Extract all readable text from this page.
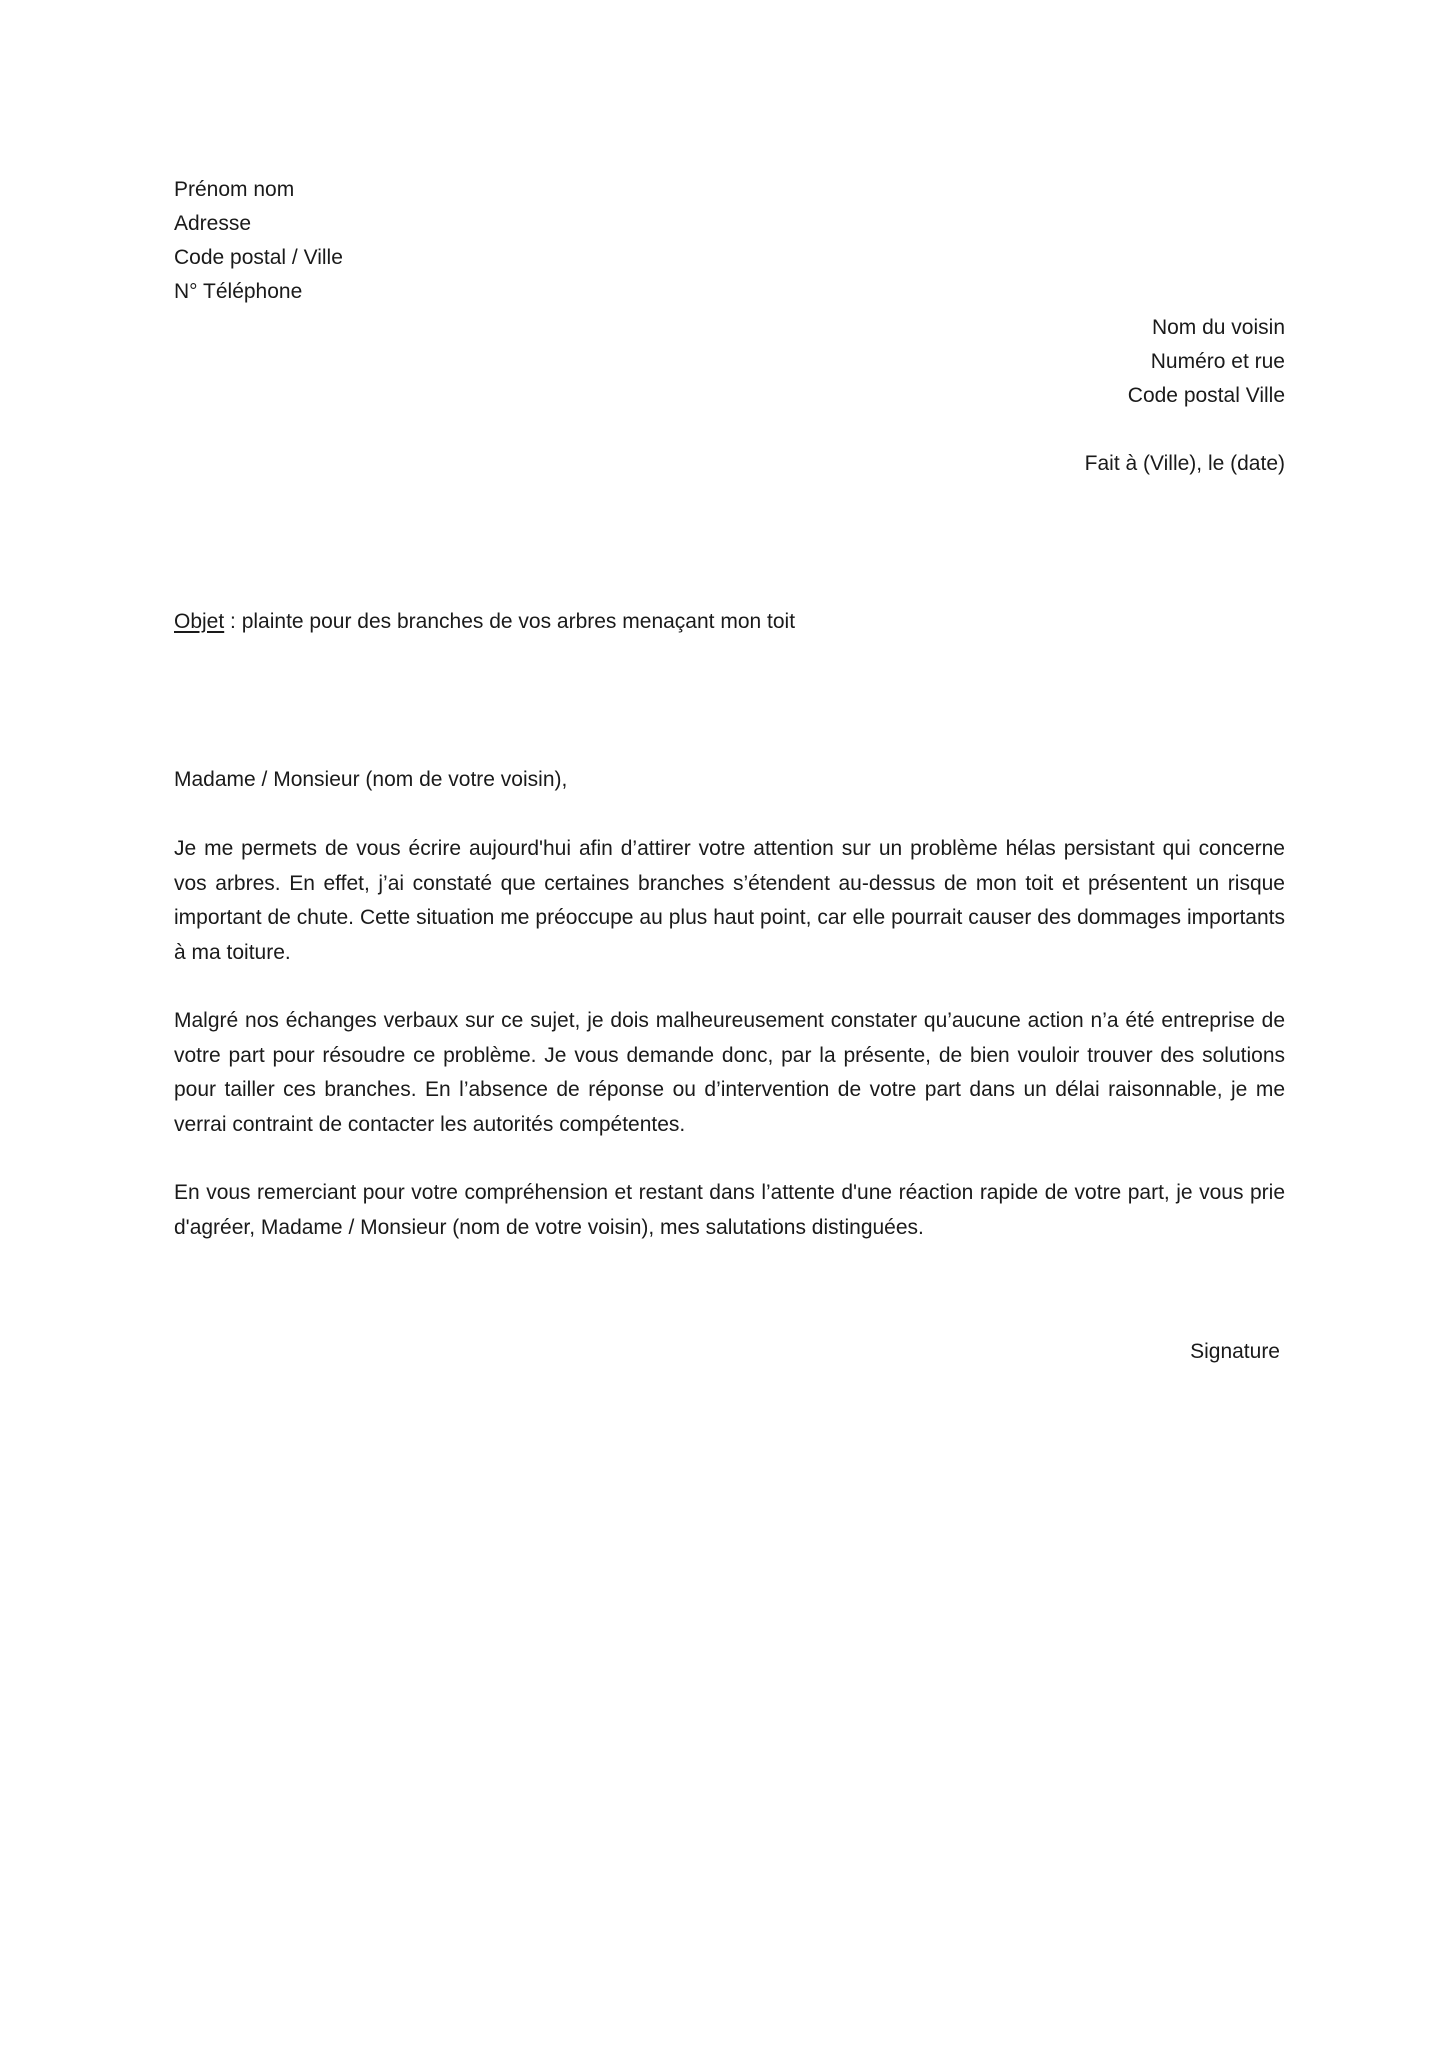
Prénom nom
Adresse
Code postal / Ville
N° Téléphone
Nom du voisin
Numéro et rue
Code postal Ville
Fait à (Ville), le (date)
Objet : plainte pour des branches de vos arbres menaçant mon toit
Madame / Monsieur (nom de votre voisin),

Je me permets de vous écrire aujourd'hui afin d’attirer votre attention sur un problème hélas persistant qui concerne vos arbres. En effet, j’ai constaté que certaines branches s’étendent au-dessus de mon toit et présentent un risque important de chute. Cette situation me préoccupe au plus haut point, car elle pourrait causer des dommages importants à ma toiture.

Malgré nos échanges verbaux sur ce sujet, je dois malheureusement constater qu’aucune action n’a été entreprise de votre part pour résoudre ce problème. Je vous demande donc, par la présente, de bien vouloir trouver des solutions pour tailler ces branches. En l’absence de réponse ou d’intervention de votre part dans un délai raisonnable, je me verrai contraint de contacter les autorités compétentes.

En vous remerciant pour votre compréhension et restant dans l’attente d'une réaction rapide de votre part, je vous prie d'agréer, Madame / Monsieur (nom de votre voisin), mes salutations distinguées.

Signature
